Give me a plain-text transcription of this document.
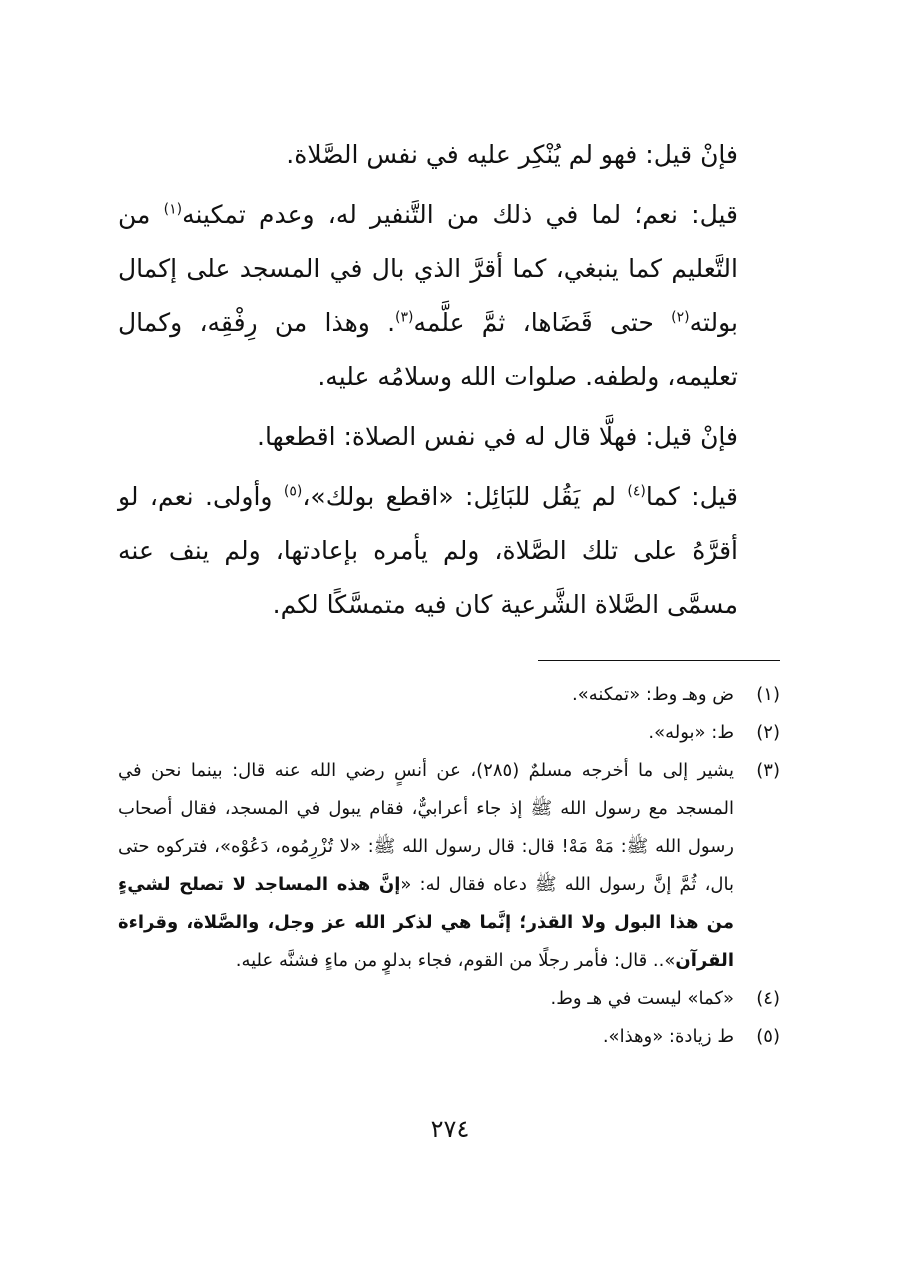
فإنْ قيل: فهو لم يُنْكِر عليه في نفس الصَّلاة.

قيل: نعم؛ لما في ذلك من التَّنفير له، وعدم تمكينه$^{(١)}$ من التَّعليم كما ينبغي، كما أقرَّ الذي بال في المسجد على إكمال بولته$^{(٢)}$ حتى قَضَاها، ثمَّ علَّمه$^{(٣)}$. وهذا من رِفْقِه، وكمال تعليمه، ولطفه. صلوات الله وسلامُه عليه.

فإنْ قيل: فهلَّا قال له في نفس الصلاة: اقطعها.

قيل: كما$^{(٤)}$ لم يَقُل للبَائِل: «اقطع بولك»،$^{(٥)}$ وأولى. نعم، لو أقرَّهُ على تلك الصَّلاة، ولم يأمره بإعادتها، ولم ينف عنه مسمَّى الصَّلاة الشَّرعية كان فيه متمسَّكًا لكم.

(١)
ض وهـ وط: «تمكنه».

(٢)
ط: «بوله».

(٣)
يشير إلى ما أخرجه مسلمٌ (٢٨٥)، عن أنسٍ رضي الله عنه قال: بينما نحن في المسجد مع رسول الله ﷺ إذ جاء أعرابيٌّ، فقام يبول في المسجد، فقال أصحاب رسول الله ﷺ: مَهْ مَهْ! قال: قال رسول الله ﷺ: «لا تُزْرِمُوه، دَعُوْه»، فتركوه حتى بال، ثُمَّ إنَّ رسول الله ﷺ دعاه فقال له: «إنَّ هذه المساجد لا تصلح لشيءٍ من هذا البول ولا القذر؛ إنَّما هي لذكر الله عز وجل، والصَّلاة، وقراءة القرآن».. قال: فأمر رجلًا من القوم، فجاء بدلوٍ من ماءٍ فشنَّه عليه.

(٤)
«كما» ليست في هـ وط.

(٥)
ط زيادة: «وهذا».

٢٧٤
